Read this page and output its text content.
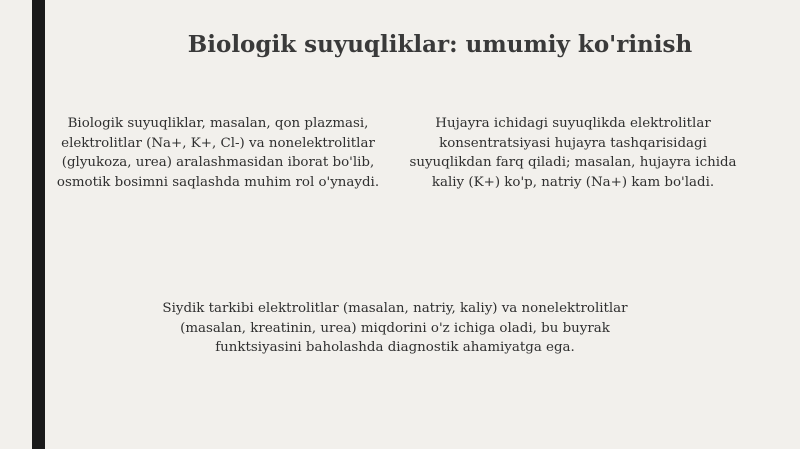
Biologik suyuqliklar: umumiy ko'rinish
Biologik suyuqliklar, masalan, qon plazmasi, elektrolitlar (Na+, K+, Cl-) va nonelektrolitlar (glyukoza, urea) aralashmasidan iborat bo'lib, osmotik bosimni saqlashda muhim rol o'ynaydi.
Hujayra ichidagi suyuqlikda elektrolitlar konsentratsiyasi hujayra tashqarisidagi suyuqlikdan farq qiladi; masalan, hujayra ichida kaliy (K+) ko'p, natriy (Na+) kam bo'ladi.
Siydik tarkibi elektrolitlar (masalan, natriy, kaliy) va nonelektrolitlar (masalan, kreatinin, urea) miqdorini o'z ichiga oladi, bu buyrak funktsiyasini baholashda diagnostik ahamiyatga ega.
